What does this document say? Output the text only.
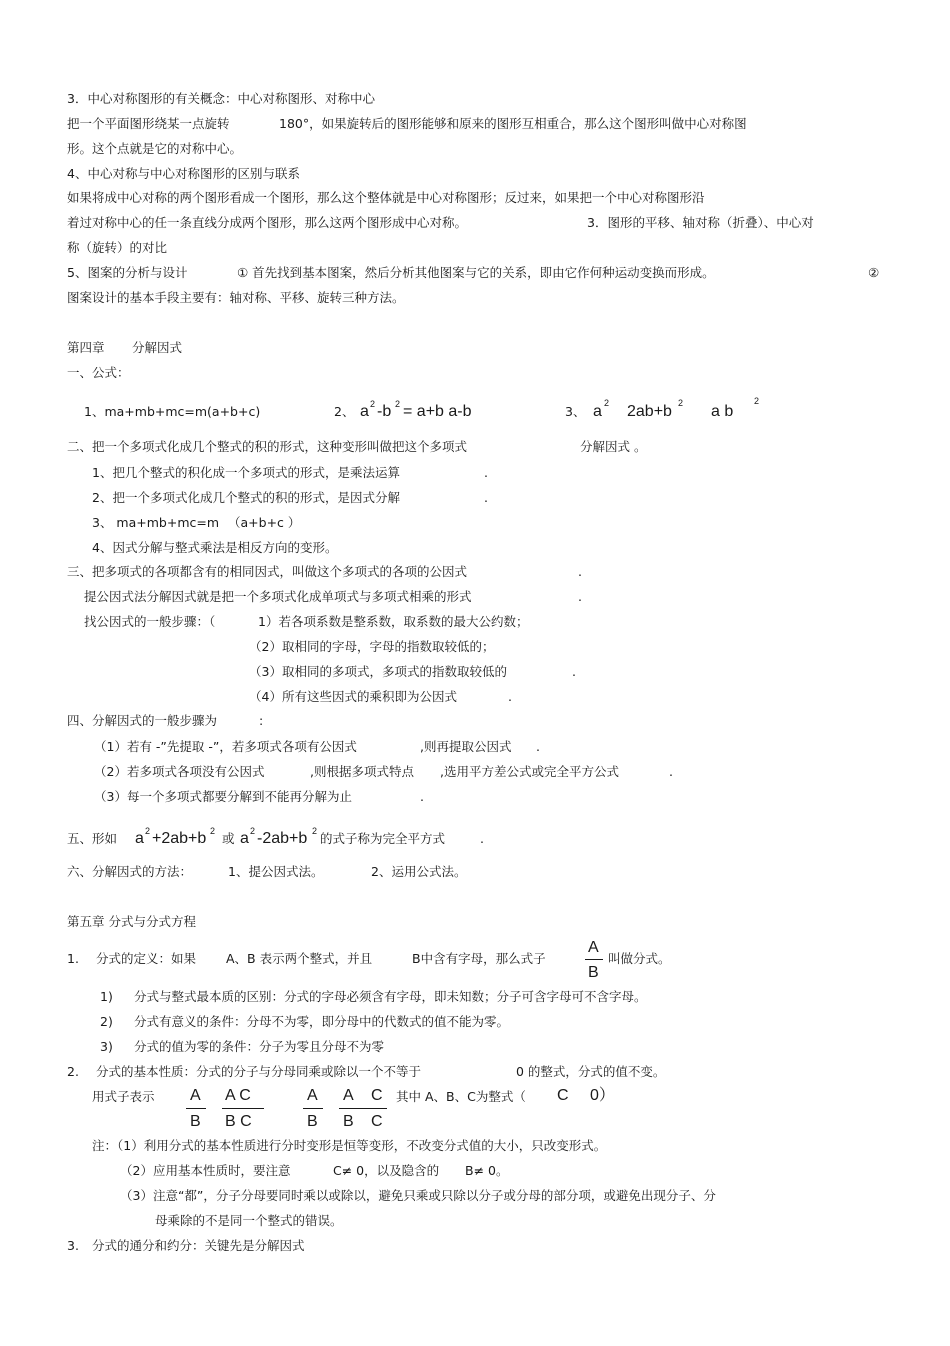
3．中心对称图形的有关概念：中心对称图形、对称中心
把一个平面图形绕某一点旋转	180°，如果旋转后的图形能够和原来的图形互相重合，那么这个图形叫做中心对称图
形。这个点就是它的对称中心。
4、中心对称与中心对称图形的区别与联系
如果将成中心对称的两个图形看成一个图形，那么这个整体就是中心对称图形；反过来，如果把一个中心对称图形沿
着过对称中心的任一条直线分成两个图形，那么这两个图形成中心对称。	3．图形的平移、轴对称（折叠）、中心对
称（旋转）的对比
5、图案的分析与设计	① 首先找到基本图案，然后分析其他图案与它的关系，即由它作何种运动变换而形成。	②
图案设计的基本手段主要有：轴对称、平移、旋转三种方法。
第四章 分解因式
一、公式：
1、ma+mb+mc=m(a+b+c)	2、 a 2 -b 2 = a+b a-b	3、 a 2 2ab+b 2 a b
2
二、把一个多项式化成几个整式的积的形式，这种变形叫做把这个多项式	分解因式 。
1、把几个整式的积化成一个多项式的形式，是乘法运算	.
2、把一个多项式化成几个整式的积的形式，是因式分解	.
3、 ma+mb+mc=m （a+b+c ）
4、因式分解与整式乘法是相反方向的变形。
三、把多项式的各项都含有的相同因式，叫做这个多项式的各项的公因式	.
提公因式法分解因式就是把一个多项式化成单项式与多项式相乘的形式	.
找公因式的一般步骤：（	1）若各项系数是整系数，取系数的最大公约数；
（2）取相同的字母，字母的指数取较低的；
（3）取相同的多项式，多项式的指数取较低的	.
（4）所有这些因式的乘积即为公因式	.
四、分解因式的一般步骤为	:
（1）若有 -”先提取 -”，若多项式各项有公因式	,则再提取公因式 .
（2）若多项式各项没有公因式	,则根据多项式特点 ,选用平方差公式或完全平方公式	.
（3）每一个多项式都要分解到不能再分解为止	.
五、形如 a 2 +2ab+b 2 或 a 2 -2ab+b 2 的式子称为完全平方式	.
六、分解因式的方法：	1、提公因式法。	2、运用公式法。
第五章 分式与分式方程
1. 分式的定义：如果 A、B 表示两个整式，并且	B中含有字母，那么式子
A
B
叫做分式。
1) 分式与整式最本质的区别：分式的字母必须含有字母，即未知数；分子可含字母可不含字母。
2) 分式有意义的条件：分母不为零，即分母中的代数式的值不能为零。
3) 分式的值为零的条件：分子为零且分母不为零
2. 分式的基本性质：分式的分子与分母同乘或除以一个不等于	0 的整式，分式的值不变。
用式子表示 A
B
A C
B C
A
B
A C
B C
其中 A、B、C为整式（ C 0）
注：（1）利用分式的基本性质进行分时变形是恒等变形，不改变分式值的大小，只改变形式。
（2）应用基本性质时，要注意	C≠ 0，以及隐含的 B≠ 0。
（3）注意“都”，分子分母要同时乘以或除以，避免只乘或只除以分子或分母的部分项，或避免出现分子、分
母乘除的不是同一个整式的错误。
3. 分式的通分和约分：关键先是分解因式
